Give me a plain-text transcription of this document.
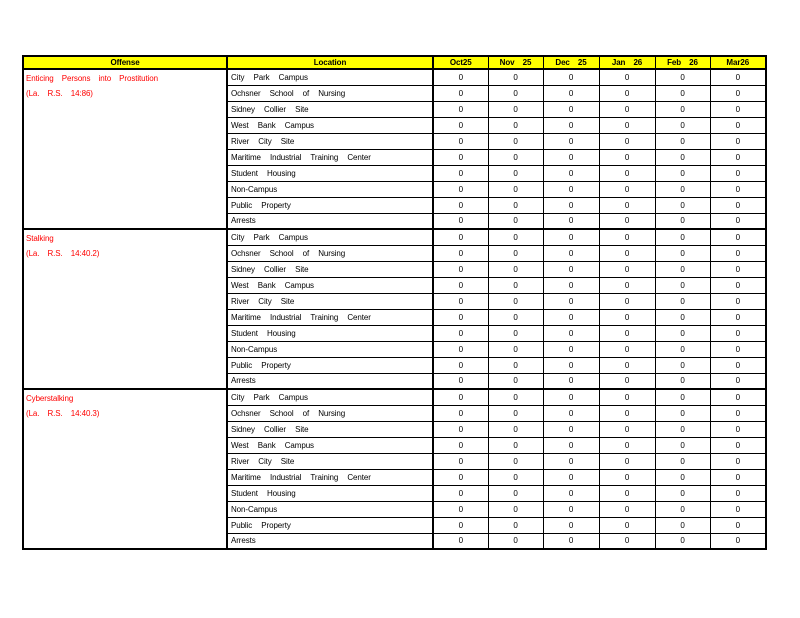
Offense	Location	Oct25	Nov 25	Dec 25	Jan 26	Feb 26	Mar26

Enticing Persons into Prostitution
(La. R.S. 14:86)	City Park Campus	0	0	0	0	0	0
	Ochsner School of Nursing	0	0	0	0	0	0
	Sidney Collier Site	0	0	0	0	0	0
	West Bank Campus	0	0	0	0	0	0
	River City Site	0	0	0	0	0	0
	Maritime Industrial Training Center	0	0	0	0	0	0
	Student Housing	0	0	0	0	0	0
	Non-Campus	0	0	0	0	0	0
	Public Property	0	0	0	0	0	0
	Arrests	0	0	0	0	0	0

Stalking
(La. R.S. 14:40.2)	City Park Campus	0	0	0	0	0	0
	Ochsner School of Nursing	0	0	0	0	0	0
	Sidney Collier Site	0	0	0	0	0	0
	West Bank Campus	0	0	0	0	0	0
	River City Site	0	0	0	0	0	0
	Maritime Industrial Training Center	0	0	0	0	0	0
	Student Housing	0	0	0	0	0	0
	Non-Campus	0	0	0	0	0	0
	Public Property	0	0	0	0	0	0
	Arrests	0	0	0	0	0	0

Cyberstalking
(La. R.S. 14:40.3)	City Park Campus	0	0	0	0	0	0
	Ochsner School of Nursing	0	0	0	0	0	0
	Sidney Collier Site	0	0	0	0	0	0
	West Bank Campus	0	0	0	0	0	0
	River City Site	0	0	0	0	0	0
	Maritime Industrial Training Center	0	0	0	0	0	0
	Student Housing	0	0	0	0	0	0
	Non-Campus	0	0	0	0	0	0
	Public Property	0	0	0	0	0	0
	Arrests	0	0	0	0	0	0
